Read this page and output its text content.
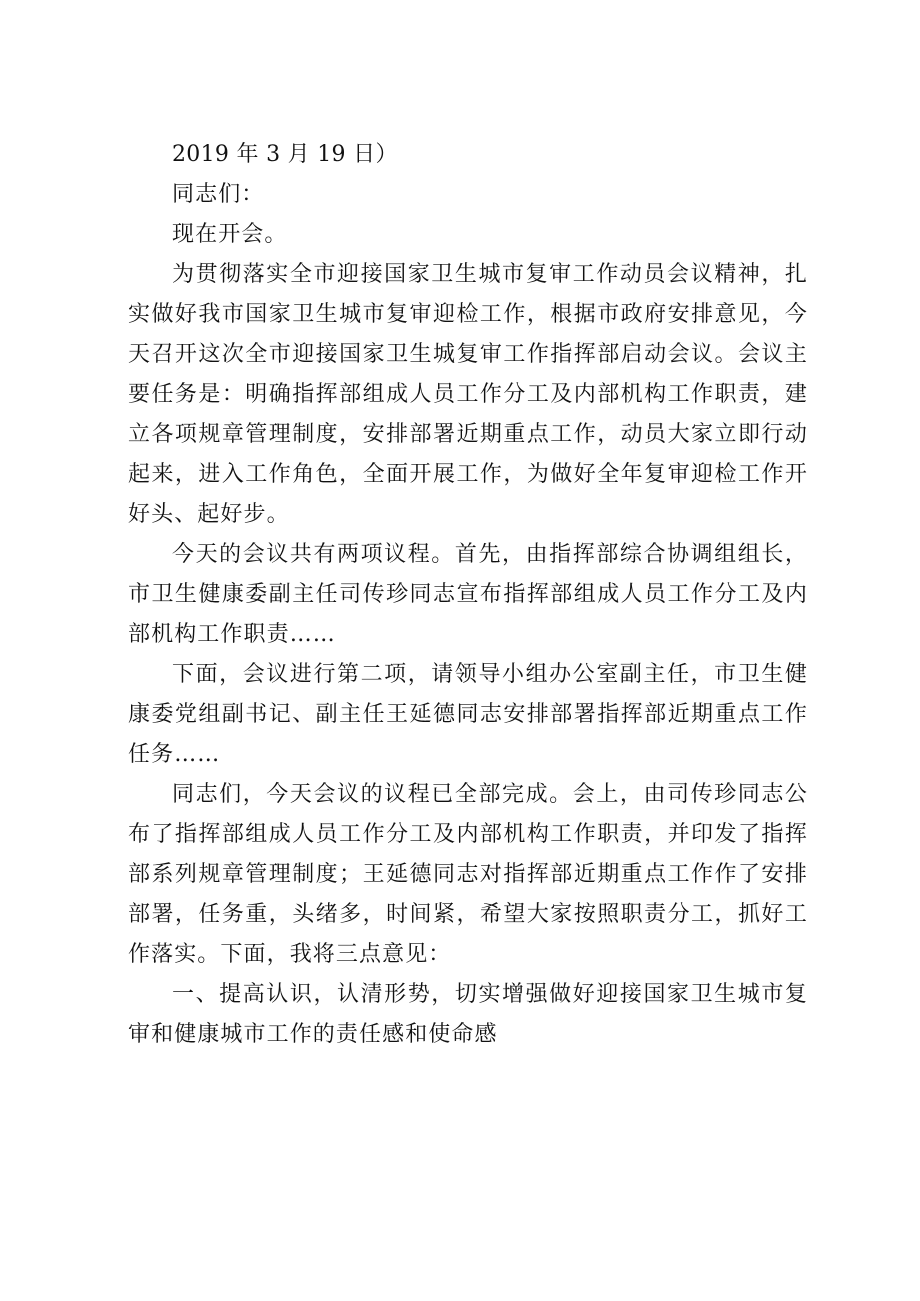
2019 年 3 月 19 日）

同志们：

现在开会。

为贯彻落实全市迎接国家卫生城市复审工作动员会议精神，扎实做好我市国家卫生城市复审迎检工作，根据市政府安排意见，今天召开这次全市迎接国家卫生城复审工作指挥部启动会议。会议主要任务是：明确指挥部组成人员工作分工及内部机构工作职责，建立各项规章管理制度，安排部署近期重点工作，动员大家立即行动起来，进入工作角色，全面开展工作，为做好全年复审迎检工作开好头、起好步。

今天的会议共有两项议程。首先，由指挥部综合协调组组长，市卫生健康委副主任司传珍同志宣布指挥部组成人员工作分工及内部机构工作职责……

下面，会议进行第二项，请领导小组办公室副主任，市卫生健康委党组副书记、副主任王延德同志安排部署指挥部近期重点工作任务……

同志们，今天会议的议程已全部完成。会上，由司传珍同志公布了指挥部组成人员工作分工及内部机构工作职责，并印发了指挥部系列规章管理制度；王延德同志对指挥部近期重点工作作了安排部署，任务重，头绪多，时间紧，希望大家按照职责分工，抓好工作落实。下面，我将三点意见：

一、提高认识，认清形势，切实增强做好迎接国家卫生城市复审和健康城市工作的责任感和使命感
